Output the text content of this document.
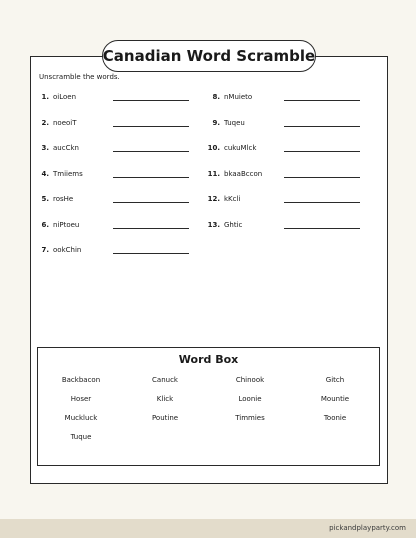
Canadian Word Scramble
Unscramble the words.
1. oiLoen
2. noeoiT
3. aucCkn
4. Tmiiems
5. rosHe
6. niPtoeu
7. ookChin
8. nMuieto
9. Tuqeu
10. cukuMlck
11. bkaaBccon
12. kKcli
13. Ghtic
Word Box
Backbacon	Canuck	Chinook	Gitch
Hoser	Klick	Loonie	Mountie
Muckluck	Poutine	Timmies	Toonie
Tuque
pickandplayparty.com
